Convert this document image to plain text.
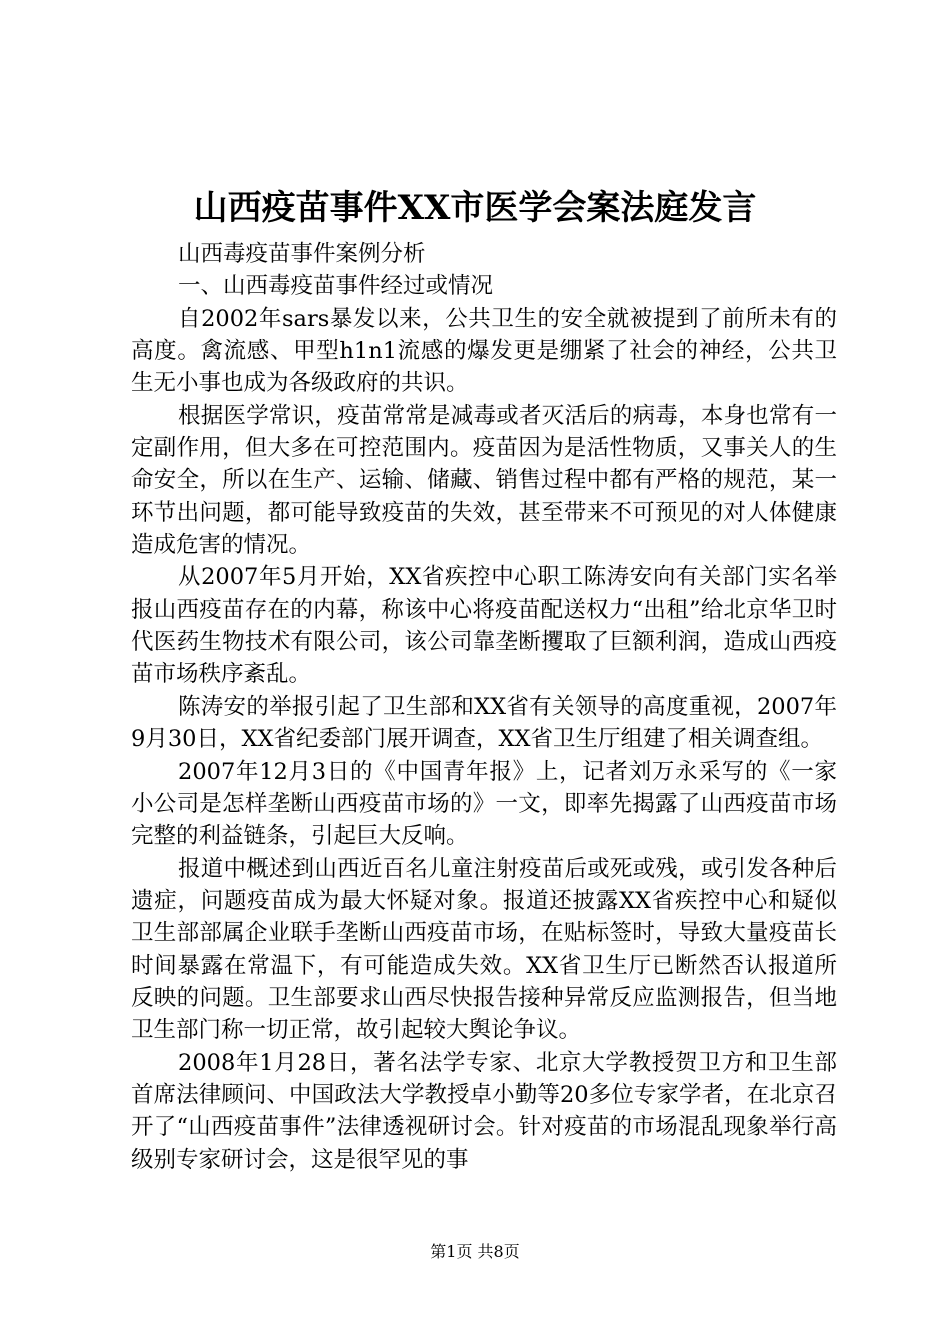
山西疫苗事件XX市医学会案法庭发言

山西毒疫苗事件案例分析

一、山西毒疫苗事件经过或情况

自2002年sars暴发以来，公共卫生的安全就被提到了前所未有的高度。禽流感、甲型h1n1流感的爆发更是绷紧了社会的神经，公共卫生无小事也成为各级政府的共识。

根据医学常识，疫苗常常是减毒或者灭活后的病毒，本身也常有一定副作用，但大多在可控范围内。疫苗因为是活性物质，又事关人的生命安全，所以在生产、运输、储藏、销售过程中都有严格的规范，某一环节出问题，都可能导致疫苗的失效，甚至带来不可预见的对人体健康造成危害的情况。

从2007年5月开始，XX省疾控中心职工陈涛安向有关部门实名举报山西疫苗存在的内幕，称该中心将疫苗配送权力“出租”给北京华卫时代医药生物技术有限公司，该公司靠垄断攫取了巨额利润，造成山西疫苗市场秩序紊乱。

陈涛安的举报引起了卫生部和XX省有关领导的高度重视，2007年9月30日，XX省纪委部门展开调查，XX省卫生厅组建了相关调查组。

2007年12月3日的《中国青年报》上，记者刘万永采写的《一家小公司是怎样垄断山西疫苗市场的》一文，即率先揭露了山西疫苗市场完整的利益链条，引起巨大反响。

报道中概述到山西近百名儿童注射疫苗后或死或残，或引发各种后遗症，问题疫苗成为最大怀疑对象。报道还披露XX省疾控中心和疑似卫生部部属企业联手垄断山西疫苗市场，在贴标签时，导致大量疫苗长时间暴露在常温下，有可能造成失效。XX省卫生厅已断然否认报道所反映的问题。卫生部要求山西尽快报告接种异常反应监测报告，但当地卫生部门称一切正常，故引起较大舆论争议。

2008年1月28日，著名法学专家、北京大学教授贺卫方和卫生部首席法律顾问、中国政法大学教授卓小勤等20多位专家学者，在北京召开了“山西疫苗事件”法律透视研讨会。针对疫苗的市场混乱现象举行高级别专家研讨会，这是很罕见的事

第1页 共8页
